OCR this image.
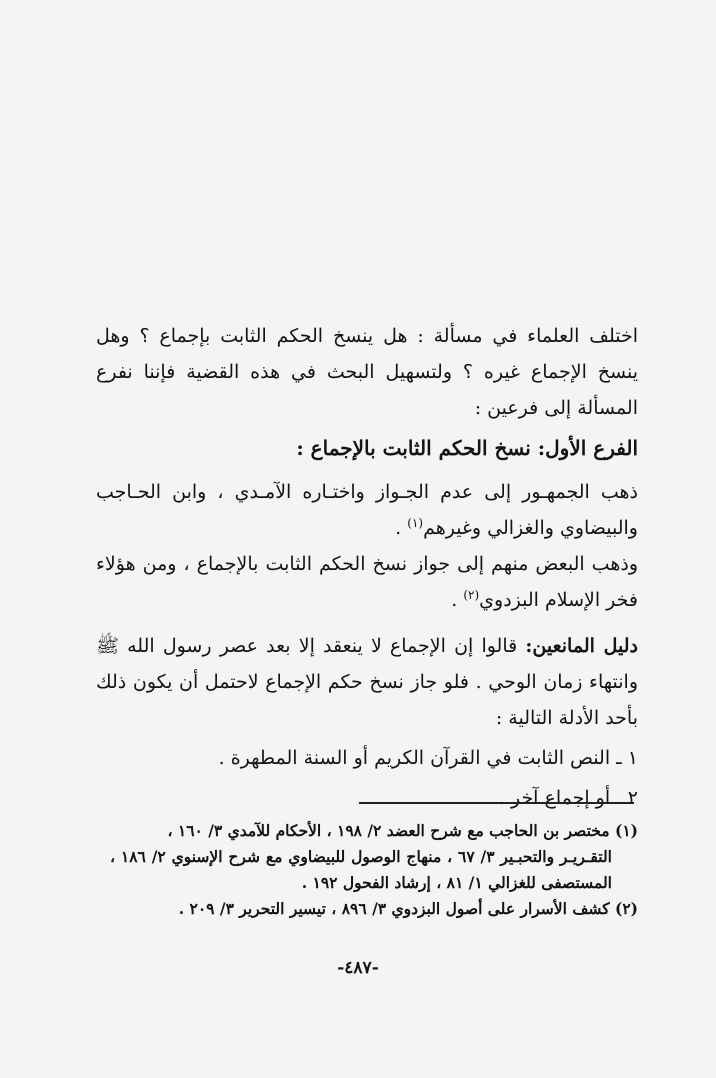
اختلف العلماء في مسألة : هل ينسخ الحكم الثابت بإجماع ؟ وهل ينسخ الإجماع غيره ؟ ولتسهيل البحث في هذه القضية فإننا نفرع المسألة إلى فرعين :

الفرع الأول: نسخ الحكم الثابت بالإجماع :

ذهب الجمهـور إلى عدم الجـواز واختـاره الآمـدي ، وابن الحـاجب والبيضاوي والغزالي وغيرهم$^{(١)}$ .

وذهب البعض منهم إلى جواز نسخ الحكم الثابت بالإجماع ، ومن هؤلاء فخر الإسلام البزدوي$^{(٢)}$ .

دليل المانعين: قالوا إن الإجماع لا ينعقد إلا بعد عصر رسول الله ﷺ وانتهاء زمان الوحي . فلو جاز نسخ حكم الإجماع لاحتمل أن يكون ذلك بأحد الأدلة التالية :

١ ـ النص الثابت في القرآن الكريم أو السنة المطهرة .

٢ ـ أو إجماع آخر .

(١) مختصر بن الحاجب مع شرح العضد ٢/ ١٩٨ ، الأحكام للآمدي ٣/ ١٦٠ ،

التقـريـر والتحبـير ٣/ ٦٧ ، منهاج الوصول للبيضاوي مع شرح الإسنوي ٢/ ١٨٦ ، المستصفى للغزالي ١/ ٨١ ، إرشاد الفحول ١٩٢ .

(٢) كشف الأسرار على أصول البزدوي ٣/ ٨٩٦ ، تيسير التحرير ٣/ ٢٠٩ .

-٤٨٧-
